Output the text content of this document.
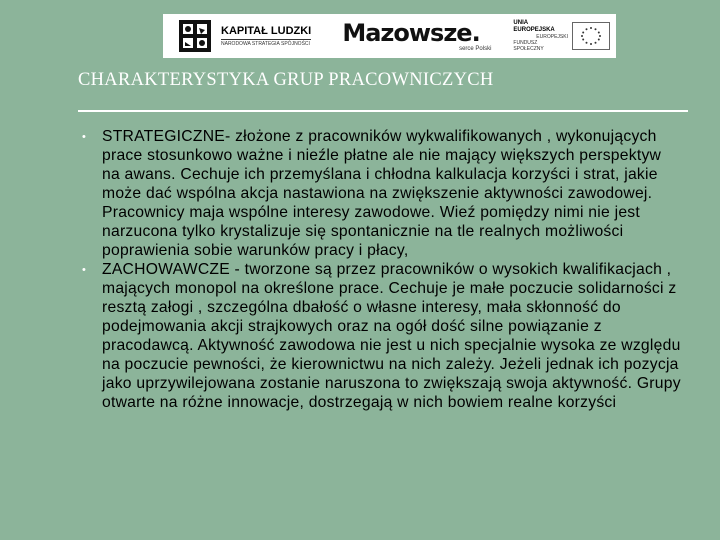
KAPITAŁ LUDZKI
NARODOWA STRATEGIA SPÓJNOŚCI Mazowsze.
serce Polski
UNIA EUROPEJSKA
EUROPEJSKI
FUNDUSZ SPOŁECZNY
CHARAKTERYSTYKA GRUP PRACOWNICZYCH
• STRATEGICZNE- złożone z pracowników wykwalifikowanych , wykonujących prace stosunkowo ważne i nieźle płatne ale nie mający większych perspektyw na awans. Cechuje ich przemyślana i chłodna kalkulacja korzyści i strat, jakie może dać wspólna akcja nastawiona na zwiększenie aktywności zawodowej. Pracownicy maja wspólne interesy zawodowe. Wieź pomiędzy nimi nie jest narzucona tylko krystalizuje się spontanicznie na tle realnych możliwości poprawienia sobie warunków pracy i płacy,
• ZACHOWAWCZE - tworzone są przez pracowników o wysokich kwalifikacjach , mających monopol na określone prace. Cechuje je małe poczucie solidarności z resztą załogi , szczególna dbałość o własne interesy, mała skłonność do podejmowania akcji strajkowych oraz na ogół dość silne powiązanie z pracodawcą. Aktywność zawodowa nie jest u nich specjalnie wysoka ze względu na poczucie pewności, że kierownictwu na nich zależy. Jeżeli jednak ich pozycja jako uprzywilejowana zostanie naruszona to zwiększają swoja aktywność. Grupy otwarte na różne innowacje, dostrzegają w nich bowiem realne korzyści
